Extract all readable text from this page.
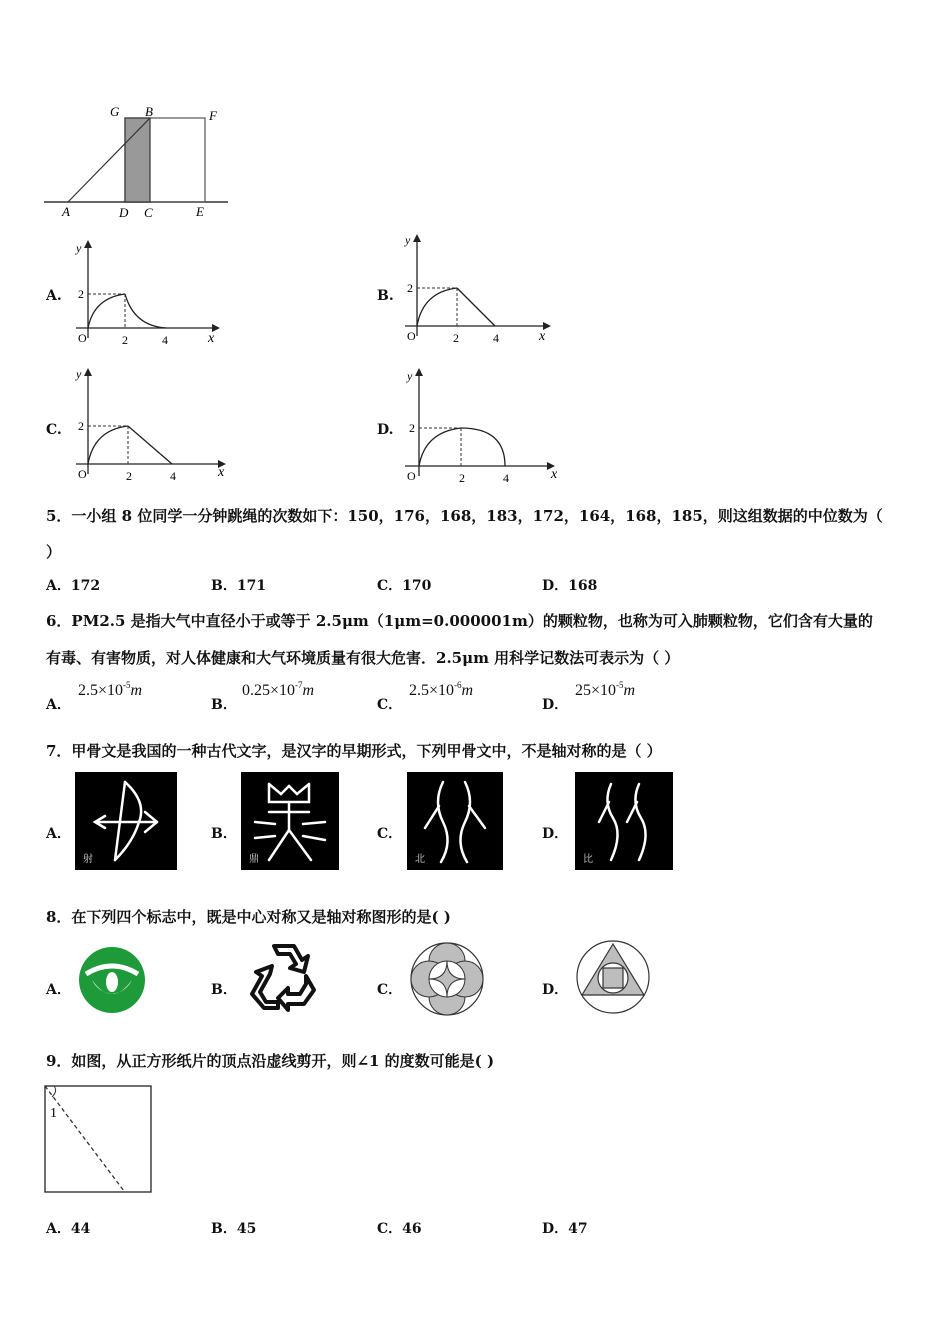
G B	F
A	D C	E
A.
y
2
O	2	4	x
B.
y
2
O	2	4	x
C.
y
2
O	2	4	x
D.
y
2
O	2	4	x
5．一小组 8 位同学一分钟跳绳的次数如下：150，176，168，183，172，164，168，185，则这组数据的中位数为（
）
A．172	B．171	C．170	D．168
6．PM2.5 是指大气中直径小于或等于 2.5μm（1μm=0.000001m）的颗粒物，也称为可入肺颗粒物，它们含有大量的
有毒、有害物质，对人体健康和大气环境质量有很大危害．2.5μm 用科学记数法可表示为（ ）
A．
$2.5\times 10^{-5}m$
B．
$0.25\times 10^{-7}m$
C．
$2.5\times 10^{-6}m$
D．
$25\times 10^{-5}m$
7．甲骨文是我国的一种古代文字，是汉字的早期形式，下列甲骨文中，不是轴对称的是（ ）
A．
射
B．
鼎
C．
北
D．
比
8．在下列四个标志中，既是中心对称又是轴对称图形的是( )
A．	B．	C．	D．
9．如图，从正方形纸片的顶点沿虚线剪开，则∠1 的度数可能是( )
1
A．44	B．45	C．46	D．47
